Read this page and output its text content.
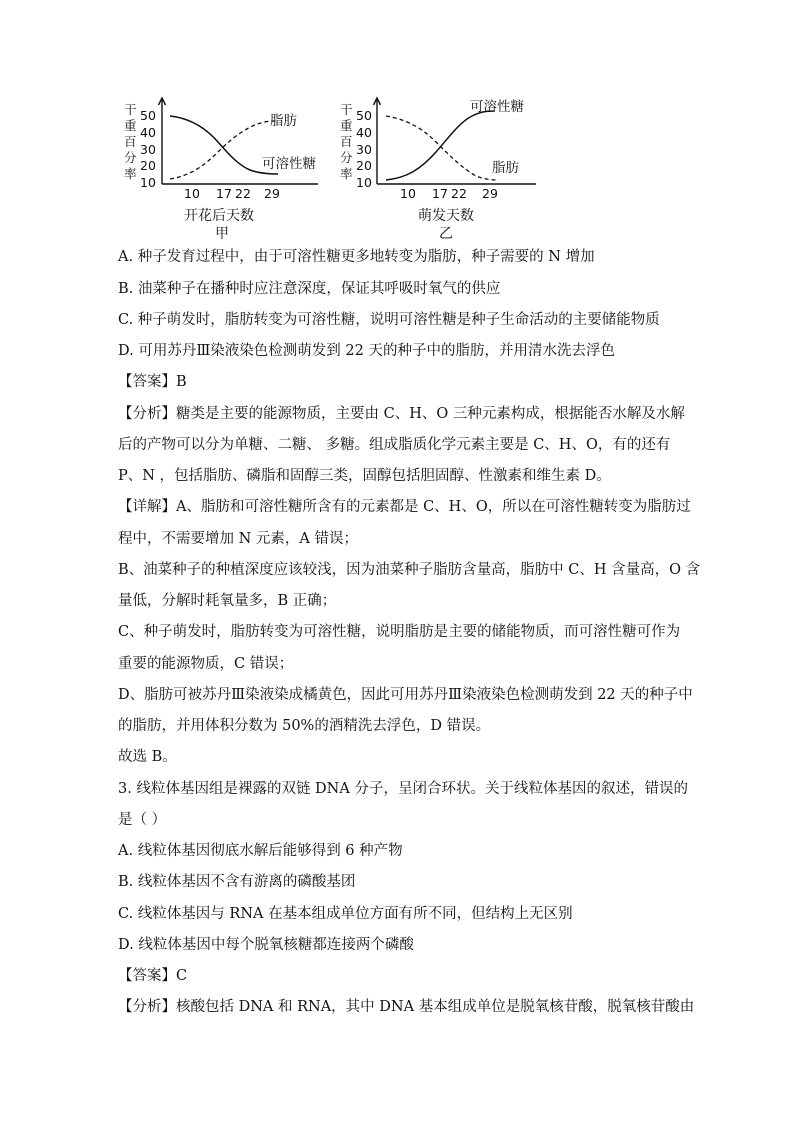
干
重
百
分
率
50
40
30
20
10
10 17 22 29
脂肪
可溶性糖
开花后天数
甲
干
重
百
分
率
50
40
30
20
10
10 17 22 29
可溶性糖
脂肪
萌发天数
乙
A. 种子发育过程中，由于可溶性糖更多地转变为脂肪，种子需要的 N 增加
B. 油菜种子在播种时应注意深度，保证其呼吸时氧气的供应
C. 种子萌发时，脂肪转变为可溶性糖，说明可溶性糖是种子生命活动的主要储能物质
D. 可用苏丹Ⅲ染液染色检测萌发到 22 天的种子中的脂肪，并用清水洗去浮色
【答案】B
【分析】糖类是主要的能源物质，主要由 C、H、O 三种元素构成，根据能否水解及水解
后的产物可以分为单糖、二糖、 多糖。组成脂质化学元素主要是 C、H、O，有的还有
P、N ，包括脂肪、磷脂和固醇三类，固醇包括胆固醇、性激素和维生素 D。
【详解】A、脂肪和可溶性糖所含有的元素都是 C、H、O，所以在可溶性糖转变为脂肪过
程中，不需要增加 N 元素，A 错误；
B、油菜种子的种植深度应该较浅，因为油菜种子脂肪含量高，脂肪中 C、H 含量高，O 含
量低，分解时耗氧量多，B 正确；
C、种子萌发时，脂肪转变为可溶性糖，说明脂肪是主要的储能物质，而可溶性糖可作为
重要的能源物质，C 错误；
D、脂肪可被苏丹Ⅲ染液染成橘黄色，因此可用苏丹Ⅲ染液染色检测萌发到 22 天的种子中
的脂肪，并用体积分数为 50%的酒精洗去浮色，D 错误。
故选 B。
3. 线粒体基因组是裸露的双链 DNA 分子，呈闭合环状。关于线粒体基因的叙述，错误的
是（ ）
A. 线粒体基因彻底水解后能够得到 6 种产物
B. 线粒体基因不含有游离的磷酸基团
C. 线粒体基因与 RNA 在基本组成单位方面有所不同，但结构上无区别
D. 线粒体基因中每个脱氧核糖都连接两个磷酸
【答案】C
【分析】核酸包括 DNA 和 RNA，其中 DNA 基本组成单位是脱氧核苷酸，脱氧核苷酸由
